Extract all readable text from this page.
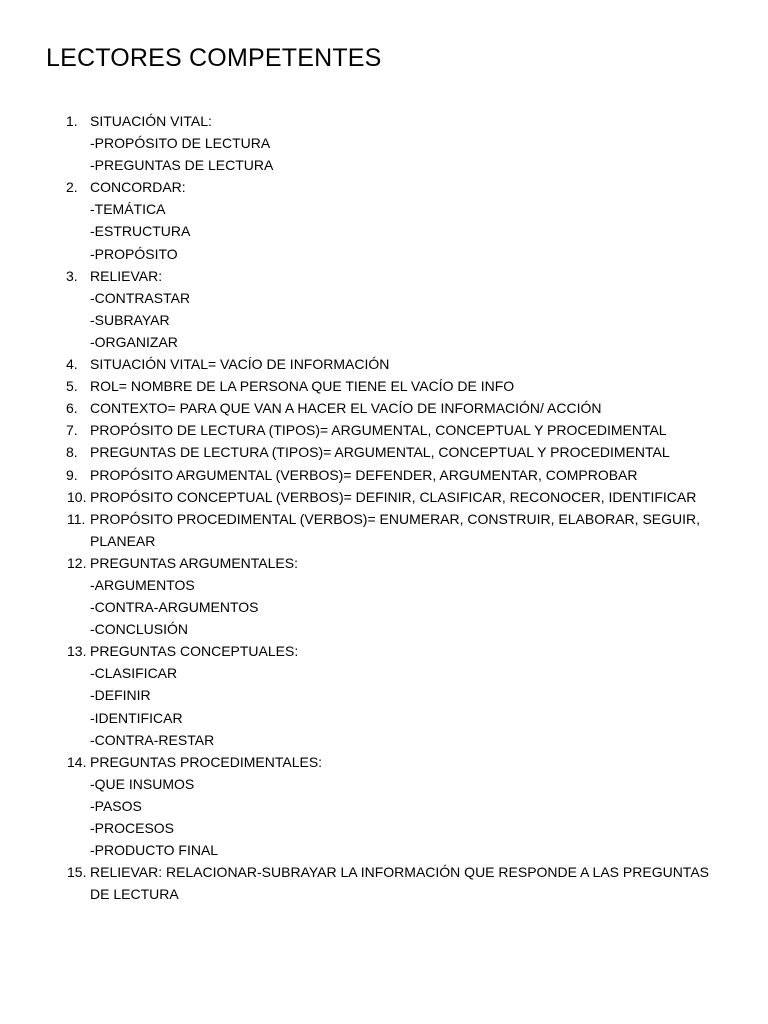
LECTORES COMPETENTES
1. SITUACIÓN VITAL:
-PROPÓSITO DE LECTURA
-PREGUNTAS DE LECTURA
2. CONCORDAR:
-TEMÁTICA
-ESTRUCTURA
-PROPÓSITO
3. RELIEVAR:
-CONTRASTAR
-SUBRAYAR
-ORGANIZAR
4. SITUACIÓN VITAL= VACÍO DE INFORMACIÓN
5. ROL= NOMBRE DE LA PERSONA QUE TIENE EL VACÍO DE INFO
6. CONTEXTO= PARA QUE VAN A HACER EL VACÍO DE INFORMACIÓN/ ACCIÓN
7. PROPÓSITO DE LECTURA (TIPOS)= ARGUMENTAL, CONCEPTUAL Y PROCEDIMENTAL
8. PREGUNTAS DE LECTURA (TIPOS)= ARGUMENTAL, CONCEPTUAL Y PROCEDIMENTAL
9. PROPÓSITO ARGUMENTAL (VERBOS)= DEFENDER, ARGUMENTAR, COMPROBAR
10. PROPÓSITO CONCEPTUAL (VERBOS)= DEFINIR, CLASIFICAR, RECONOCER, IDENTIFICAR
11. PROPÓSITO PROCEDIMENTAL (VERBOS)= ENUMERAR, CONSTRUIR, ELABORAR, SEGUIR, PLANEAR
12. PREGUNTAS ARGUMENTALES:
-ARGUMENTOS
-CONTRA-ARGUMENTOS
-CONCLUSIÓN
13. PREGUNTAS CONCEPTUALES:
-CLASIFICAR
-DEFINIR
-IDENTIFICAR
-CONTRA-RESTAR
14. PREGUNTAS PROCEDIMENTALES:
-QUE INSUMOS
-PASOS
-PROCESOS
-PRODUCTO FINAL
15. RELIEVAR: RELACIONAR-SUBRAYAR LA INFORMACIÓN QUE RESPONDE A LAS PREGUNTAS DE LECTURA
